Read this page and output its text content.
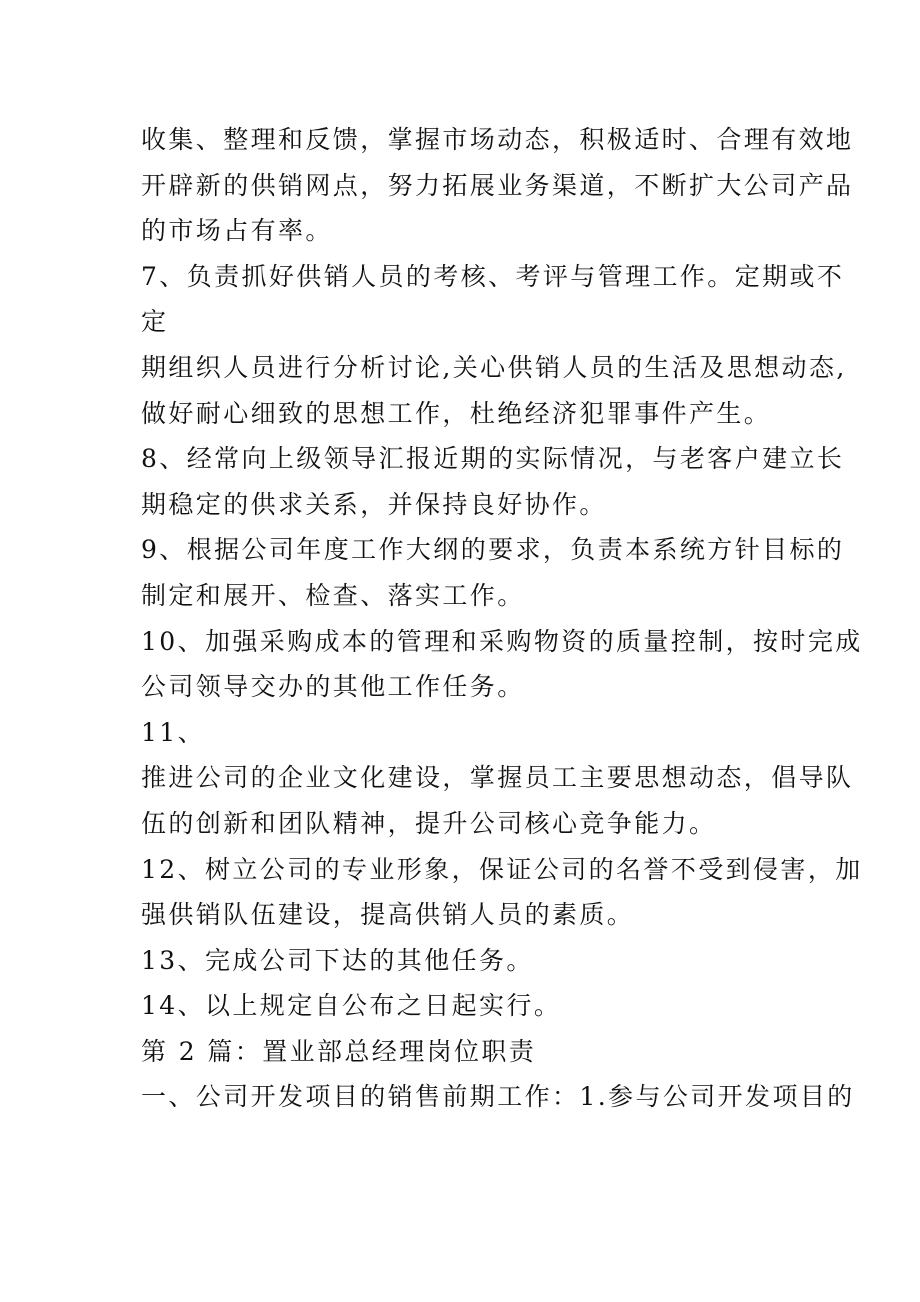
收集、整理和反馈，掌握市场动态，积极适时、合理有效地
开辟新的供销网点，努力拓展业务渠道，不断扩大公司产品
的市场占有率。
7、负责抓好供销人员的考核、考评与管理工作。定期或不
定
期组织人员进行分析讨论,关心供销人员的生活及思想动态,
做好耐心细致的思想工作，杜绝经济犯罪事件产生。
8、经常向上级领导汇报近期的实际情况，与老客户建立长
期稳定的供求关系，并保持良好协作。
9、根据公司年度工作大纲的要求，负责本系统方针目标的
制定和展开、检查、落实工作。
10、加强采购成本的管理和采购物资的质量控制，按时完成
公司领导交办的其他工作任务。
11、
推进公司的企业文化建设，掌握员工主要思想动态，倡导队
伍的创新和团队精神，提升公司核心竞争能力。
12、树立公司的专业形象，保证公司的名誉不受到侵害，加
强供销队伍建设，提高供销人员的素质。
13、完成公司下达的其他任务。
14、以上规定自公布之日起实行。
第 2 篇：置业部总经理岗位职责
一、公司开发项目的销售前期工作：1.参与公司开发项目的
